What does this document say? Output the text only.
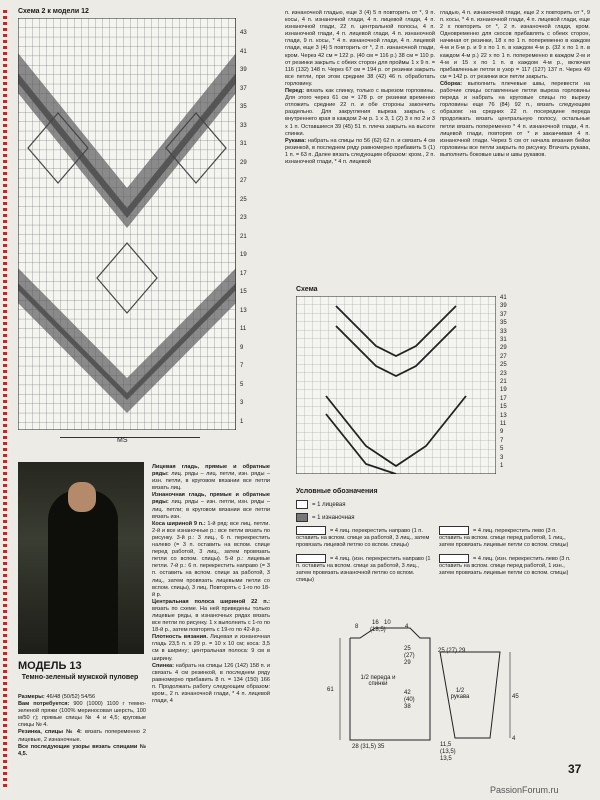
Схема 2 к модели 12
43
41
39
37
35
33
31
29
27
25
23
21
19
17
15
13
11
9
7
5
3
1
MS
п. изнаночной гладью, еще 3 (4) 5 п повторить от *, 9 п. косы, 4 п. изнаночной глади, 4 п. лицевой глади, 4 п. изнаночной глади, 22 п. центральной полосы, 4 п. изнаночной глади, 4 п. лицевой глади, 4 п. изнаночной глади, 9 п. косы, * 4 п. изнаночной глади, 4 п. лицевой глади, еще 3 (4) 5 повторить от *, 2 п. изнаночной глади, кром. Через 42 см = 122 р. (40 см = 116 р.) 38 см = 110 р. от резинки закрыть с обеих сторон для проймы 1 х 9 п. = 116 (132) 148 п. Через 67 см = 194 р. от резинки закрыть все петли, при этом средние 38 (42) 46 п. обработать горловину.
Перед: вязать как спинку, только с вырезом горловины. Для этого через 61 см = 178 р. от резинки временно отложить средние 22 п. и обе стороны закончить раздельно. Для закругления выреза закрыть с внутреннего края в каждом 2-м р. 1 х 3, 1 (2) 3 х по 2 и 3 х 1 п. Оставшиеся 39 (45) 51 п. плеча закрыть на высоте спинки.
Рукава: набрать на спицы по 56 (62) 62 п. и связать 4 см резинкой, в последнем ряду равномерно прибавить 5 (1) 1 п. = 63 п. Далее вязать следующим образом: кром., 2 п. изнаночной глади, * 4 п. лицевой
гладью, 4 п. изнаночной глади, еще 2 х повторить от *, 9 п. косы, * 4 п. изнаночной глади, 4 п. лицевой глади, еще 2 х повторить от *, 2 п. изнаночной глади, кром. Одновременно для скосов прибавлять с обеих сторон, начиная от резинки, 18 х по 1 п. попеременно в каждом 4-м и 6-м р. и 9 х по 1 п. в каждом 4-м р. (32 х по 1 п. в каждом 4-м р.) 22 х по 1 п. попеременно в каждом 2-м и 4-м и 15 х по 1 п. в каждом 4-м р., включая прибавленные петли в узор = 117 (127) 137 п. Через 49 см = 142 р. от резинки все петли закрыть.
Сборка: выполнить плечевые швы, перевести на рабочие спицы оставленные петли выреза горловины переда и набрать на круговые спицы по вырезу горловины еще 76 (84) 92 п., вязать следующим образом: на средних 22 п. посередине переда продолжать вязать центральную полосу, остальные петли вязать попеременно * 4 п. изнаночной глади, 4 п. лицевой глади, повторяя от * и заканчивая 4 п. изнаночной глади. Через 5 см от начала вязания бейки горловины все петли закрыть по рисунку. Втачать рукава, выполнить боковые швы и швы рукавов.
Схема
41
39
37
35
33
31
29
27
25
23
21
19
17
15
13
11
9
7
5
3
1
Лицевая гладь, прямые и обратные ряды: лиц. ряды – лиц. петли, изн. ряды – изн. петли, в круговом вязании все петли вязать лиц.
Изнаночная гладь, прямые и обратные ряды: лиц. ряды – изн. петли, изн. ряды – лиц. петли; в круговом вязании все петли вязать изн.
Коса шириной 9 п.: 1-й ряд: все лиц. петли. 2-й и все изнаночные р.: все петли вязать по рисунку. 3-й р.: 3 лиц., 6 п. перекрестить налево (= 3 п. оставить на вспом. спице перед работой, 3 лиц., затем провязать петли со вспом. спицы). 5-й р.: лицевые петли. 7-й р.: 6 п. перекрестить направо (= 3 п. оставить на вспом. спице за работой, 3 лиц., затем провязать лицевыми петли со вспом. спицы), 3 лиц. Повторять с 1-го по 18-й р.
Центральная полоса шириной 22 п.: вязать по схеме. На ней приведены только лицевые ряды, в изнаночных рядах вязать все петли по рисунку. 1 х выполнить с 1-го по 18-й р., затем повторять с 19-го по 42-й р.
Плотность вязания. Лицевая и изнаночная гладь 23,5 п. x 29 р. = 10 x 10 см; коса: 3,5 см в ширину; центральная полоса: 9 см в ширину.
Спинка: набрать на спицы 126 (142) 158 п. и связать 4 см резинкой, в последнем ряду равномерно прибавить 8 п. = 134 (150) 166 п. Продолжать работу следующим образом: кром., 2 п. изнаночной глади, * 4 п. лицевой глади, 4

МОДЕЛЬ 13
Темно-зеленый мужской пуловер
Размеры: 46/48 (50/52) 54/56
Вам потребуется: 900 (1000) 1100 г темно-зеленой пряжи (100% мериносовая шерсть, 100 м/50 г); прямые спицы № 4 и 4,5; круговые спицы № 4.
Резинка, спицы № 4: вязать попеременно 2 лицевые, 2 изнаночные.
Все последующие узоры вязать спицами № 4,5.

Условные обозначения
= 1 лицевая
= 1 изнаночная
= 4 лиц. перекрестить направо (1 п. оставить на вспом. спице за работой, 3 лиц., затем провязать лицевой петлю со вспом. спицы)
= 4 лиц. (изн. перекрестить направо (1 п. оставить на вспом. спице за работой, 3 лиц., затем провязать изнаночной петлю со вспом. спицы)
= 4 лиц. перекрестить лево (3 п. оставить на вспом. спице перед работой, 1 лиц., затем провязать лицевые петли со вспом. спицы)
= 4 лиц. (изн. перекрестить лево (3 п. оставить на вспом. спице перед работой, 1 изн., затем провязать лицевые петли со вспом. спицы)
8
16 10
(18,5)	4
25
(27)
29
1/2 переда и спинки
61	42
(40)
38
28 (31,5) 35
25 (27) 29
1/2 рукава	45
4
11,5
(13,5)
13,5
37
PassionForum.ru
